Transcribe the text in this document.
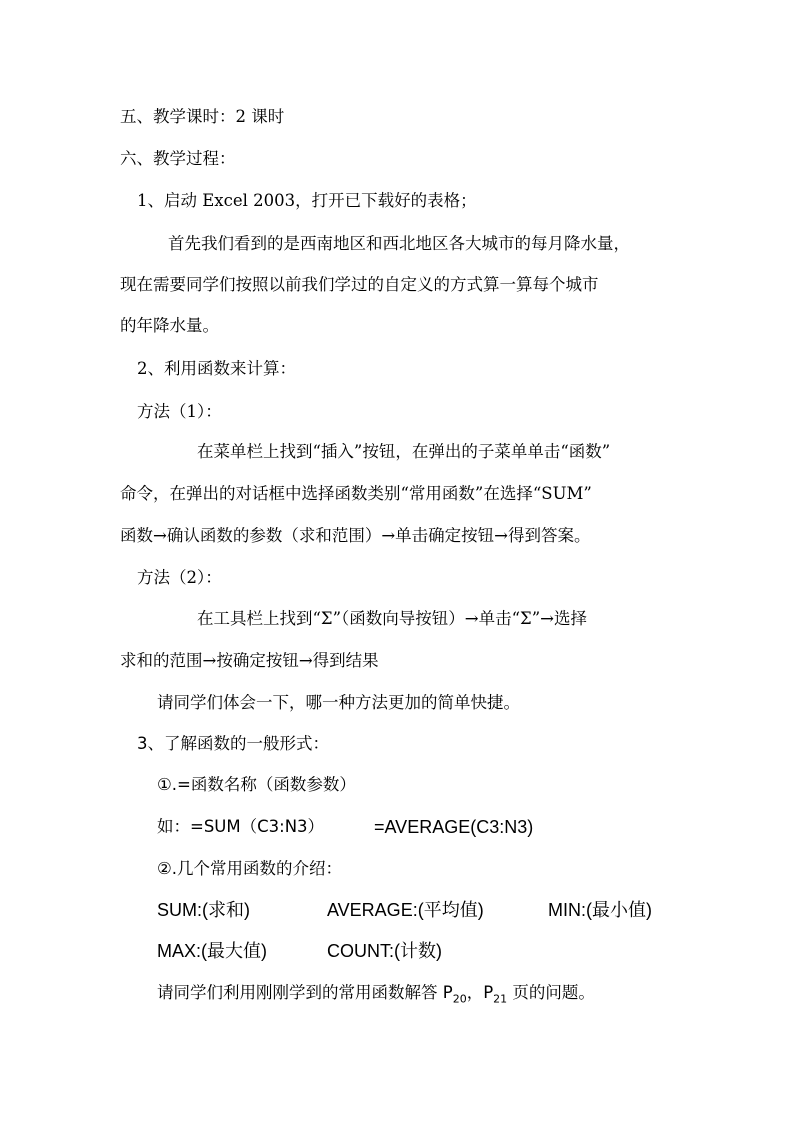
五、教学课时：2 课时
六、教学过程：
1、启动 Excel 2003，打开已下载好的表格；
首先我们看到的是西南地区和西北地区各大城市的每月降水量，
现在需要同学们按照以前我们学过的自定义的方式算一算每个城市
的年降水量。
2、利用函数来计算：
方法（1）：
在菜单栏上找到“插入”按钮，在弹出的子菜单单击“函数”
命令，在弹出的对话框中选择函数类别“常用函数”在选择“SUM”
函数→确认函数的参数（求和范围）→单击确定按钮→得到答案。
方法（2）：
在工具栏上找到“Σ”（函数向导按钮）→单击“Σ”→选择
求和的范围→按确定按钮→得到结果
请同学们体会一下，哪一种方法更加的简单快捷。
3、了解函数的一般形式：
①.=函数名称（函数参数）
如：=SUM（C3:N3）	=AVERAGE(C3:N3)
②.几个常用函数的介绍：
SUM:(求和)	AVERAGE:(平均值)	MIN:(最小值)
MAX:(最大值)	COUNT:(计数)
请同学们利用刚刚学到的常用函数解答 $P_{20}$，$P_{21}$ 页的问题。
